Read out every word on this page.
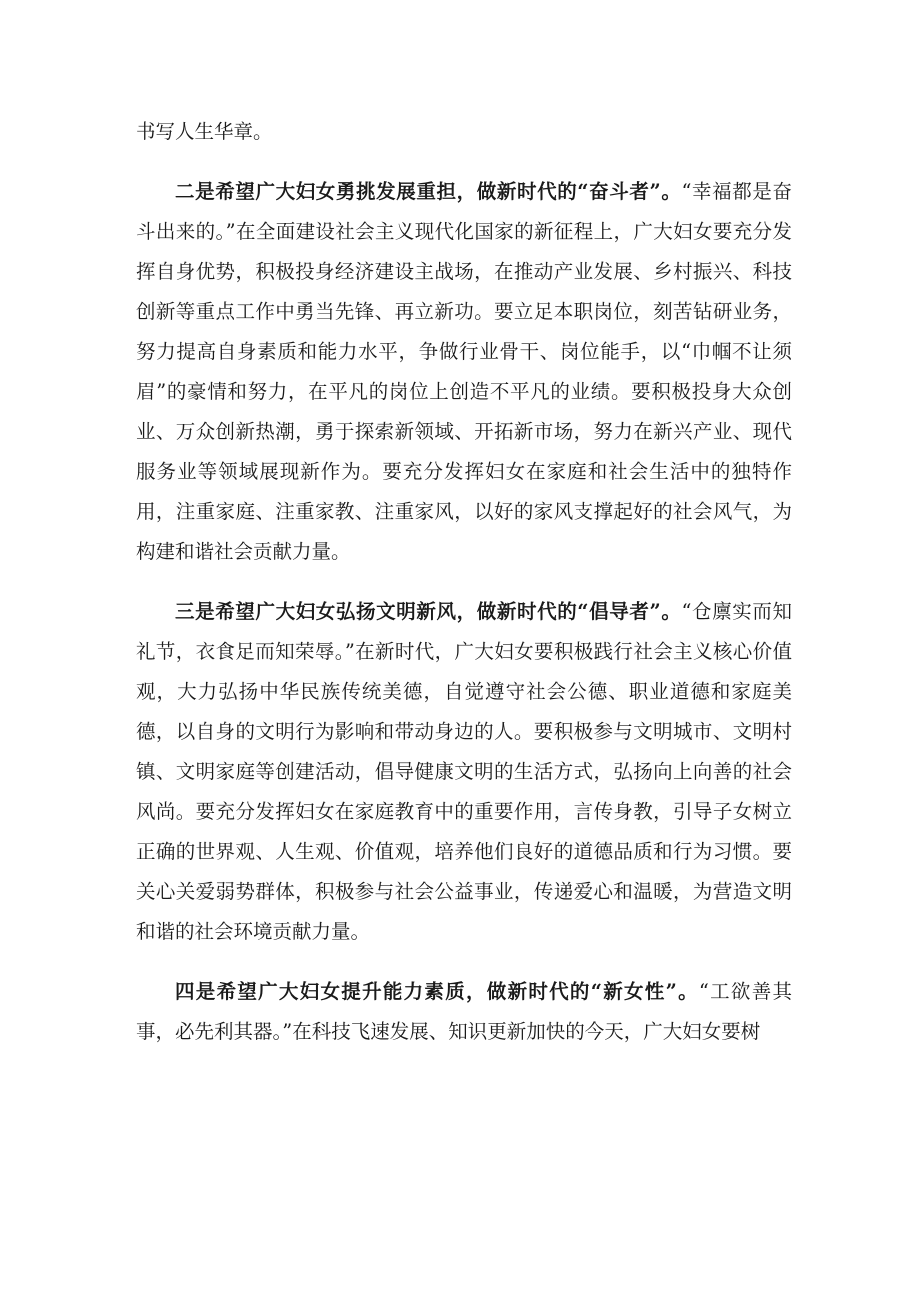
书写人生华章。

二是希望广大妇女勇挑发展重担，做新时代的“奋斗者”。“幸福都是奋斗出来的。”在全面建设社会主义现代化国家的新征程上，广大妇女要充分发挥自身优势，积极投身经济建设主战场，在推动产业发展、乡村振兴、科技创新等重点工作中勇当先锋、再立新功。要立足本职岗位，刻苦钻研业务，努力提高自身素质和能力水平，争做行业骨干、岗位能手，以“巾帼不让须眉”的豪情和努力，在平凡的岗位上创造不平凡的业绩。要积极投身大众创业、万众创新热潮，勇于探索新领域、开拓新市场，努力在新兴产业、现代服务业等领域展现新作为。要充分发挥妇女在家庭和社会生活中的独特作用，注重家庭、注重家教、注重家风，以好的家风支撑起好的社会风气，为构建和谐社会贡献力量。

三是希望广大妇女弘扬文明新风，做新时代的“倡导者”。“仓廪实而知礼节，衣食足而知荣辱。”在新时代，广大妇女要积极践行社会主义核心价值观，大力弘扬中华民族传统美德，自觉遵守社会公德、职业道德和家庭美德，以自身的文明行为影响和带动身边的人。要积极参与文明城市、文明村镇、文明家庭等创建活动，倡导健康文明的生活方式，弘扬向上向善的社会风尚。要充分发挥妇女在家庭教育中的重要作用，言传身教，引导子女树立正确的世界观、人生观、价值观，培养他们良好的道德品质和行为习惯。要关心关爱弱势群体，积极参与社会公益事业，传递爱心和温暖，为营造文明和谐的社会环境贡献力量。

四是希望广大妇女提升能力素质，做新时代的“新女性”。“工欲善其事，必先利其器。”在科技飞速发展、知识更新加快的今天，广大妇女要树
